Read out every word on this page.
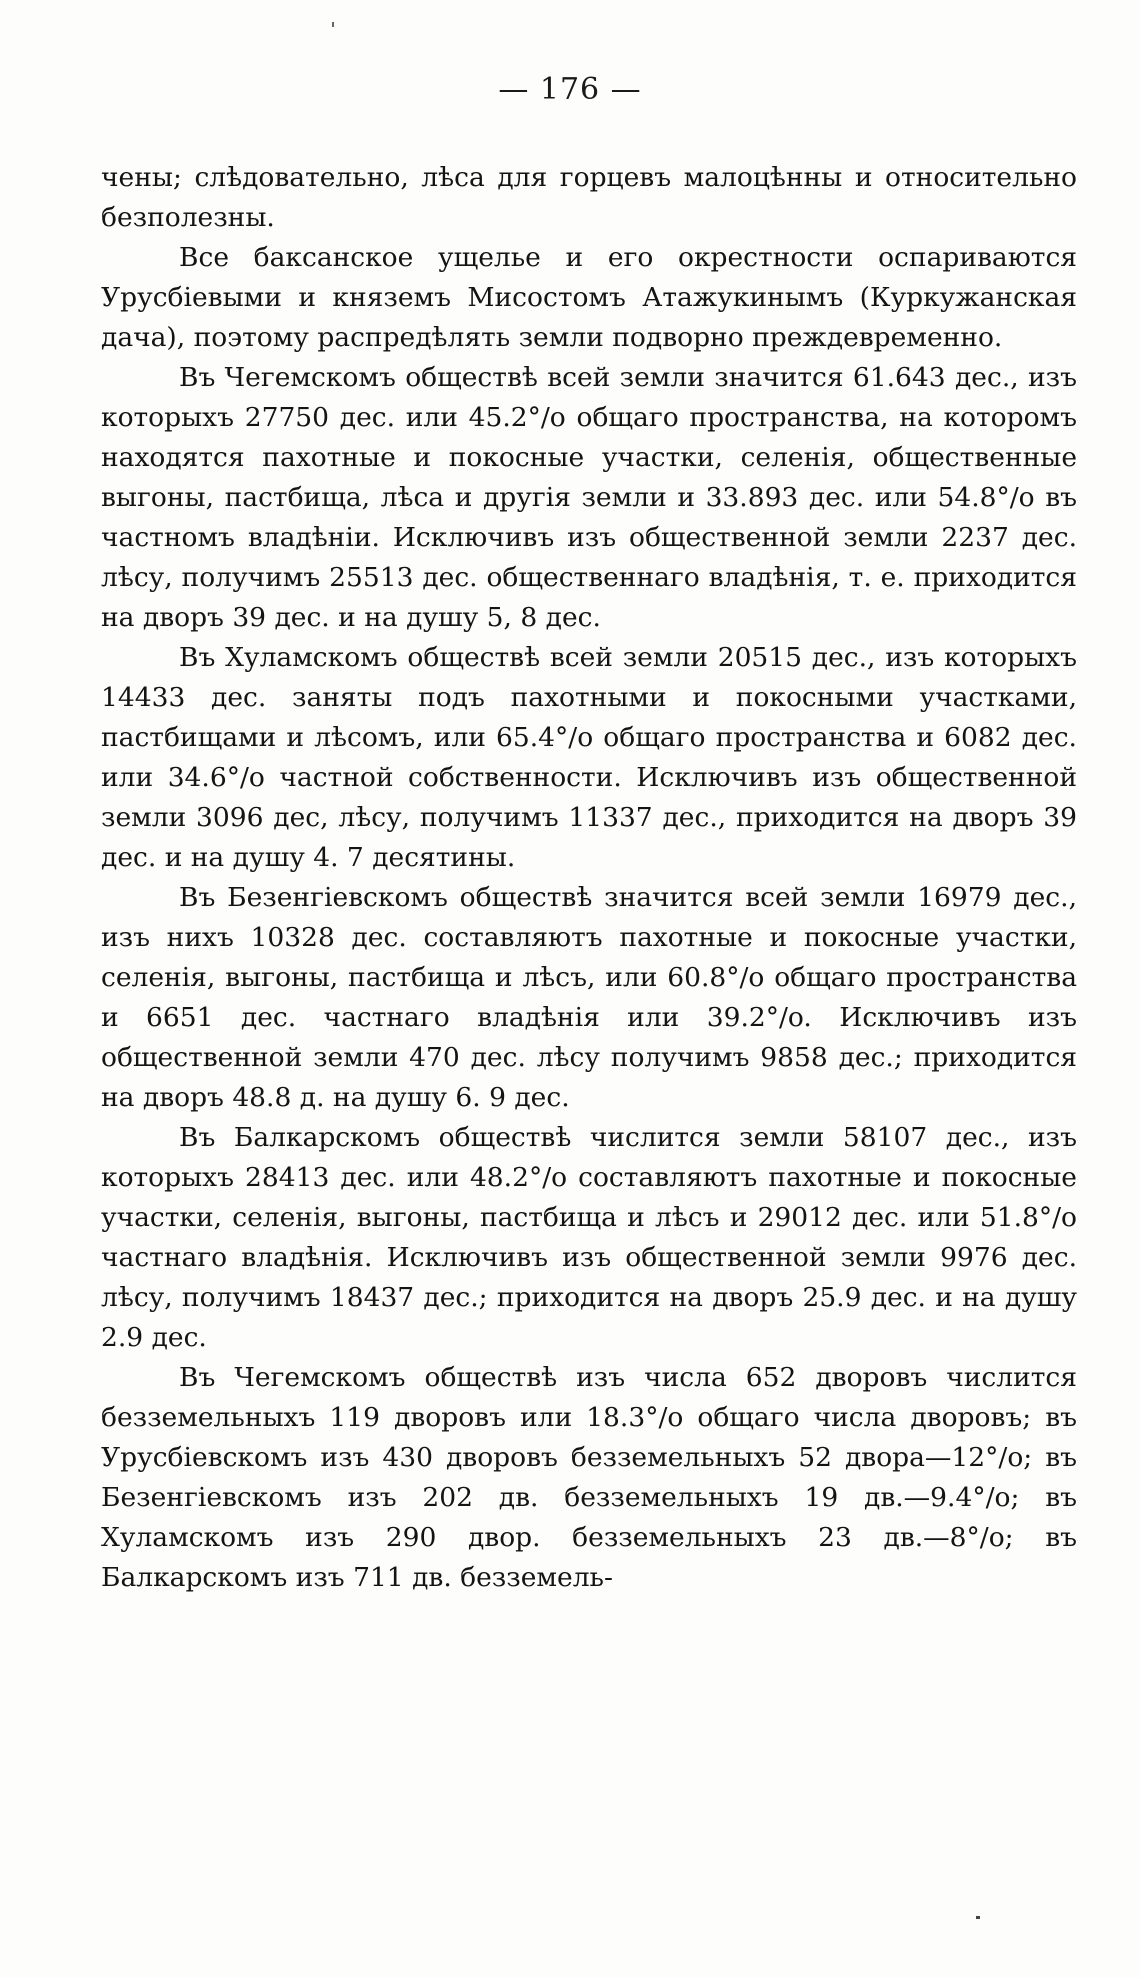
— 176 —

чены; слѣдовательно, лѣса для горцевъ малоцѣнны и относительно безполезны.

Все баксанское ущелье и его окрестности оспариваются Урусбіевыми и княземъ Мисостомъ Атажукинымъ (Куркужанская дача), поэтому распредѣлять земли подворно преждевременно.

Въ Чегемскомъ обществѣ всей земли значится 61.643 дес., изъ которыхъ 27750 дес. или 45.2°/o общаго пространства, на которомъ находятся пахотные и покосные участки, селенія, общественные выгоны, пастбища, лѣса и другія земли и 33.893 дес. или 54.8°/o въ частномъ владѣніи. Исключивъ изъ общественной земли 2237 дес. лѣсу, получимъ 25513 дес. общественнаго владѣнія, т. е. приходится на дворъ 39 дес. и на душу 5, 8 дес.

Въ Хуламскомъ обществѣ всей земли 20515 дес., изъ которыхъ 14433 дес. заняты подъ пахотными и покосными участками, пастбищами и лѣсомъ, или 65.4°/o общаго пространства и 6082 дес. или 34.6°/o частной собственности. Исключивъ изъ общественной земли 3096 дес, лѣсу, получимъ 11337 дес., приходится на дворъ 39 дес. и на душу 4. 7 десятины.

Въ Безенгіевскомъ обществѣ значится всей земли 16979 дес., изъ нихъ 10328 дес. составляютъ пахотные и покосные участки, селенія, выгоны, пастбища и лѣсъ, или 60.8°/o общаго пространства и 6651 дес. частнаго владѣнія или 39.2°/o. Исключивъ изъ общественной земли 470 дес. лѣсу получимъ 9858 дес.; приходится на дворъ 48.8 д. на душу 6. 9 дес.

Въ Балкарскомъ обществѣ числится земли 58107 дес., изъ которыхъ 28413 дес. или 48.2°/o составляютъ пахотные и покосные участки, селенія, выгоны, пастбища и лѣсъ и 29012 дес. или 51.8°/o частнаго владѣнія. Исключивъ изъ общественной земли 9976 дес. лѣсу, получимъ 18437 дес.; приходится на дворъ 25.9 дес. и на душу 2.9 дес.

Въ Чегемскомъ обществѣ изъ числа 652 дворовъ числится безземельныхъ 119 дворовъ или 18.3°/o общаго числа дворовъ; въ Урусбіевскомъ изъ 430 дворовъ безземельныхъ 52 двора—12°/o; въ Безенгіевскомъ изъ 202 дв. безземельныхъ 19 дв.—9.4°/o; въ Хуламскомъ изъ 290 двор. безземельныхъ 23 дв.—8°/o; въ Балкарскомъ изъ 711 дв. безземель-
